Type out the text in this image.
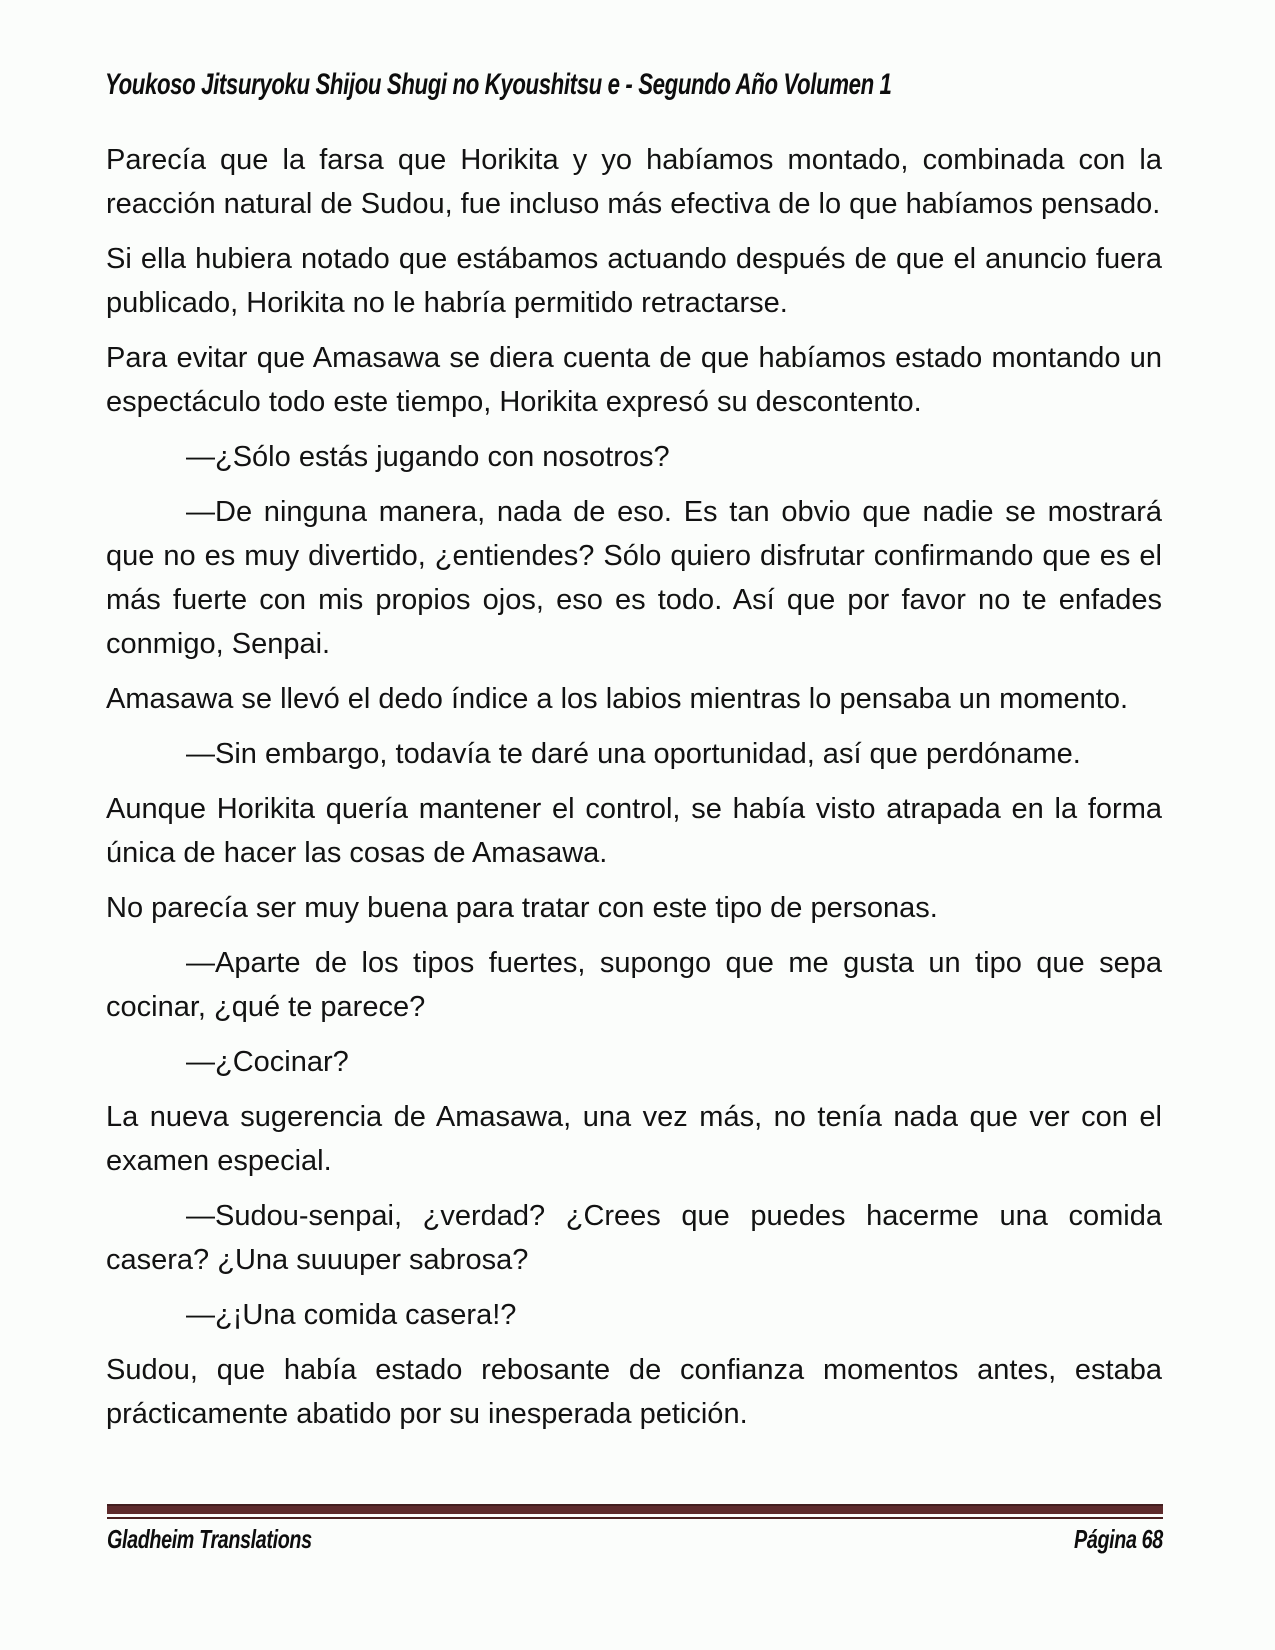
Youkoso Jitsuryoku Shijou Shugi no Kyoushitsu e - Segundo Año Volumen 1

Parecía que la farsa que Horikita y yo habíamos montado, combinada con la reacción natural de Sudou, fue incluso más efectiva de lo que habíamos pensado.

Si ella hubiera notado que estábamos actuando después de que el anuncio fuera publicado, Horikita no le habría permitido retractarse.

Para evitar que Amasawa se diera cuenta de que habíamos estado montando un espectáculo todo este tiempo, Horikita expresó su descontento.

—¿Sólo estás jugando con nosotros?

—De ninguna manera, nada de eso. Es tan obvio que nadie se mostrará que no es muy divertido, ¿entiendes? Sólo quiero disfrutar confirmando que es el más fuerte con mis propios ojos, eso es todo. Así que por favor no te enfades conmigo, Senpai.

Amasawa se llevó el dedo índice a los labios mientras lo pensaba un momento.

—Sin embargo, todavía te daré una oportunidad, así que perdóname.

Aunque Horikita quería mantener el control, se había visto atrapada en la forma única de hacer las cosas de Amasawa.

No parecía ser muy buena para tratar con este tipo de personas.

—Aparte de los tipos fuertes, supongo que me gusta un tipo que sepa cocinar, ¿qué te parece?

—¿Cocinar?

La nueva sugerencia de Amasawa, una vez más, no tenía nada que ver con el examen especial.

—Sudou-senpai, ¿verdad? ¿Crees que puedes hacerme una comida casera? ¿Una suuuper sabrosa?

—¿¡Una comida casera!?

Sudou, que había estado rebosante de confianza momentos antes, estaba prácticamente abatido por su inesperada petición.

Gladheim Translations	Página 68
